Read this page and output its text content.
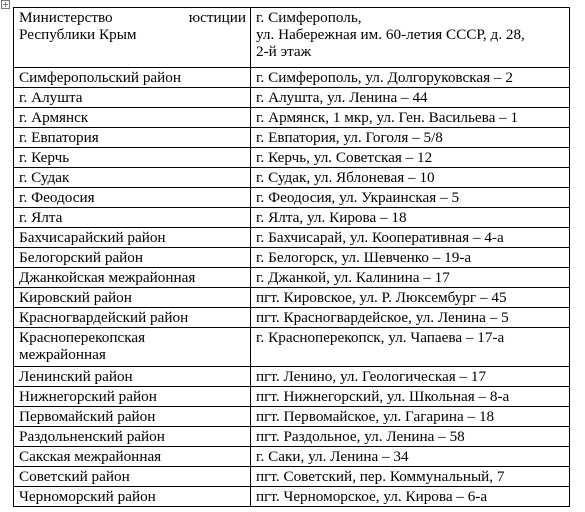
+
Министерство юстиции
Республики Крым	г. Симферополь,
ул. Набережная им. 60-летия СССР, д. 28,
2-й этаж

Симферопольский район	г. Симферополь, ул. Долгоруковская – 2
г. Алушта	г. Алушта, ул. Ленина – 44
г. Армянск	г. Армянск, 1 мкр, ул. Ген. Васильева – 1
г. Евпатория	г. Евпатория, ул. Гоголя – 5/8
г. Керчь	г. Керчь, ул. Советская – 12
г. Судак	г. Судак, ул. Яблоневая – 10
г. Феодосия	г. Феодосия, ул. Украинская – 5
г. Ялта	г. Ялта, ул. Кирова – 18
Бахчисарайский район	г. Бахчисарай, ул. Кооперативная – 4-а
Белогорский район	г. Белогорск, ул. Шевченко – 19-а
Джанкойская межрайонная	г. Джанкой, ул. Калинина – 17
Кировский район	пгт. Кировское, ул. Р. Люксембург – 45
Красногвардейский район	пгт. Красногвардейское, ул. Ленина – 5

Красноперекопская
межрайонная	г. Красноперекопск, ул. Чапаева – 17-а
Ленинский район	пгт. Ленино, ул. Геологическая – 17
Нижнегорский район	пгт. Нижнегорский, ул. Школьная – 8-а
Первомайский район	пгт. Первомайское, ул. Гагарина – 18
Раздольненский район	пгт. Раздольное, ул. Ленина – 58
Сакская межрайонная	г. Саки, ул. Ленина – 34
Советский район	пгт. Советский, пер. Коммунальный, 7
Черноморский район	пгт. Черноморское, ул. Кирова – 6-а
